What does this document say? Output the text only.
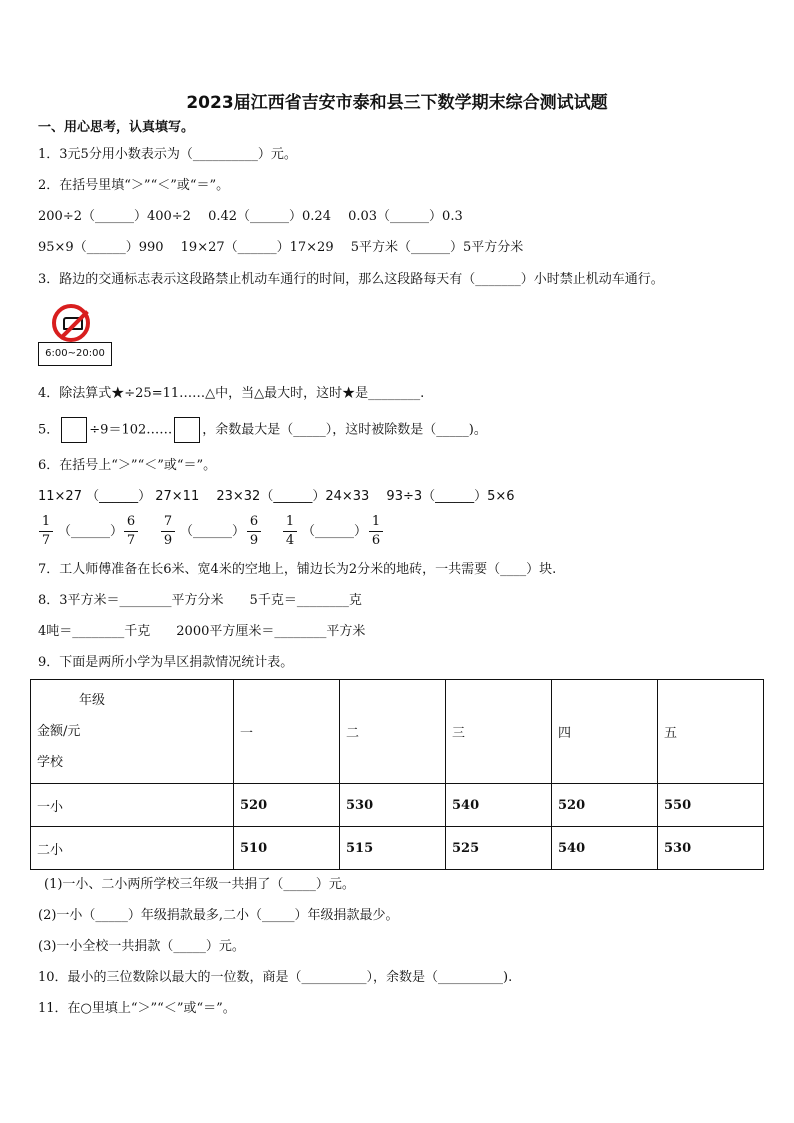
2023届江西省吉安市泰和县三下数学期末综合测试试题
一、用心思考，认真填写。
1．3元5分用小数表示为（__________）元。
2．在括号里填“＞”“＜”或“＝”。
200÷2（______）400÷2　 0.42（______）0.24　 0.03（______）0.3
95×9（______）990　 19×27（______）17×29　 5平方米（______）5平方分米
3．路边的交通标志表示这段路禁止机动车通行的时间，那么这段路每天有（_______）小时禁止机动车通行。
6:00~20:00
4．除法算式★÷25=11……△中，当△最大时，这时★是________.
5． ÷9＝102…… ，余数最大是（_____），这时被除数是（_____)。
6．在括号上“＞”“＜”或“＝”。
11×27 （______） 27×11　 23×32（______）24×33　 93÷3（______）5×6
1
7
（______）
6
7
7
9
（______）
6
9
1
4
（______）
1
6
7．工人师傅准备在长6米、宽4米的空地上，铺边长为2分米的地砖，一共需要（____）块.
8．3平方米＝________平方分米　　5千克＝________克
4吨＝________千克　　2000平方厘米＝________平方米
9．下面是两所小学为旱区捐款情况统计表。
年级
金额/元
学校	一	二	三	四	五
一小	520	530	540	520	550
二小	510	515	525	540	530
(1)一小、二小两所学校三年级一共捐了（_____）元。
(2)一小（_____）年级捐款最多,二小（_____）年级捐款最少。
(3)一小全校一共捐款（_____）元。
10．最小的三位数除以最大的一位数，商是（__________），余数是（__________).
11．在○里填上“＞”“＜”或“＝”。
